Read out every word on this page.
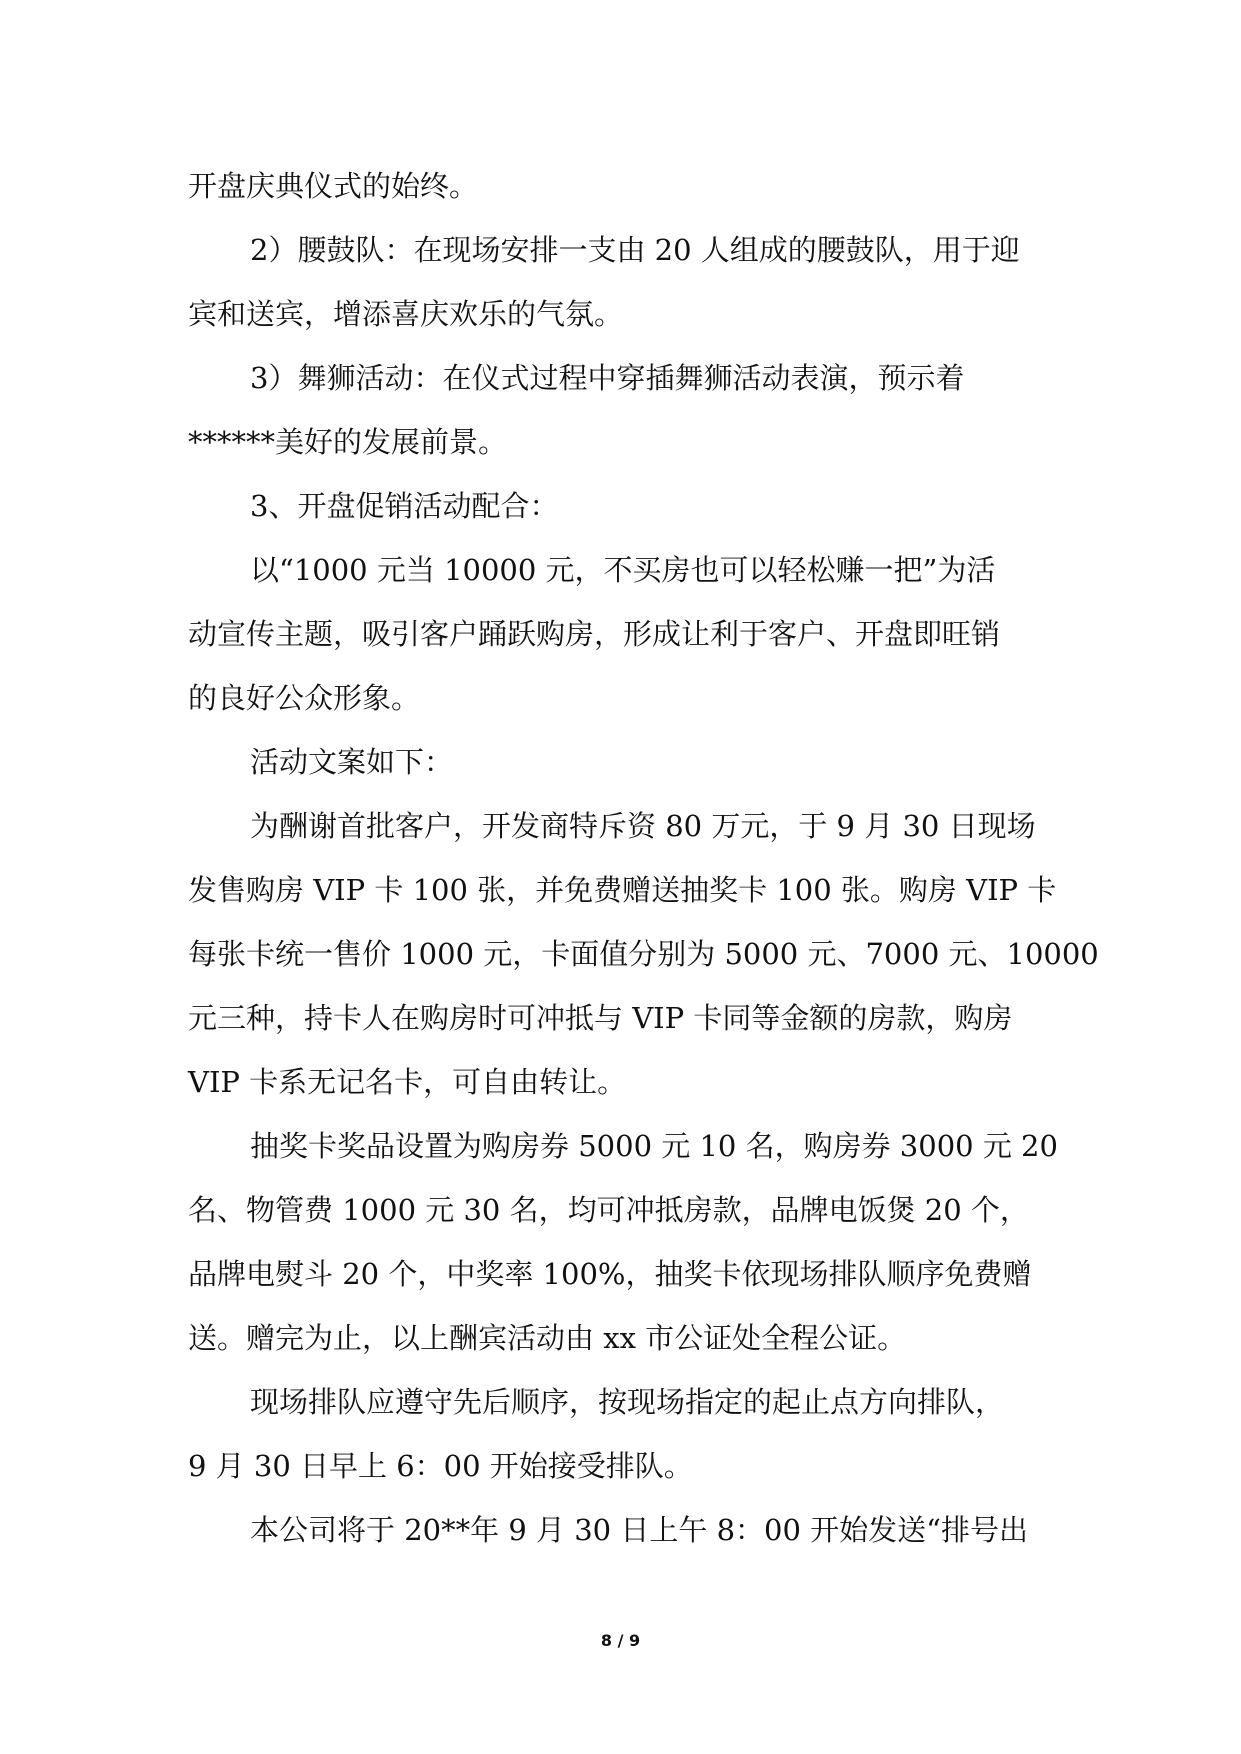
开盘庆典仪式的始终。
2）腰鼓队：在现场安排一支由 20 人组成的腰鼓队，用于迎
宾和送宾，增添喜庆欢乐的气氛。
3）舞狮活动：在仪式过程中穿插舞狮活动表演，预示着
******美好的发展前景。
3、开盘促销活动配合：
以“1000 元当 10000 元，不买房也可以轻松赚一把”为活
动宣传主题，吸引客户踊跃购房，形成让利于客户、开盘即旺销
的良好公众形象。
活动文案如下：
为酬谢首批客户，开发商特斥资 80 万元，于 9 月 30 日现场
发售购房 VIP 卡 100 张，并免费赠送抽奖卡 100 张。购房 VIP 卡
每张卡统一售价 1000 元，卡面值分别为 5000 元、7000 元、10000
元三种，持卡人在购房时可冲抵与 VIP 卡同等金额的房款，购房
VIP 卡系无记名卡，可自由转让。
抽奖卡奖品设置为购房券 5000 元 10 名，购房券 3000 元 20
名、物管费 1000 元 30 名，均可冲抵房款，品牌电饭煲 20 个，
品牌电熨斗 20 个，中奖率 100%，抽奖卡依现场排队顺序免费赠
送。赠完为止，以上酬宾活动由 xx 市公证处全程公证。
现场排队应遵守先后顺序，按现场指定的起止点方向排队，
9 月 30 日早上 6：00 开始接受排队。
本公司将于 20**年 9 月 30 日上午 8：00 开始发送“排号出
8 / 9
